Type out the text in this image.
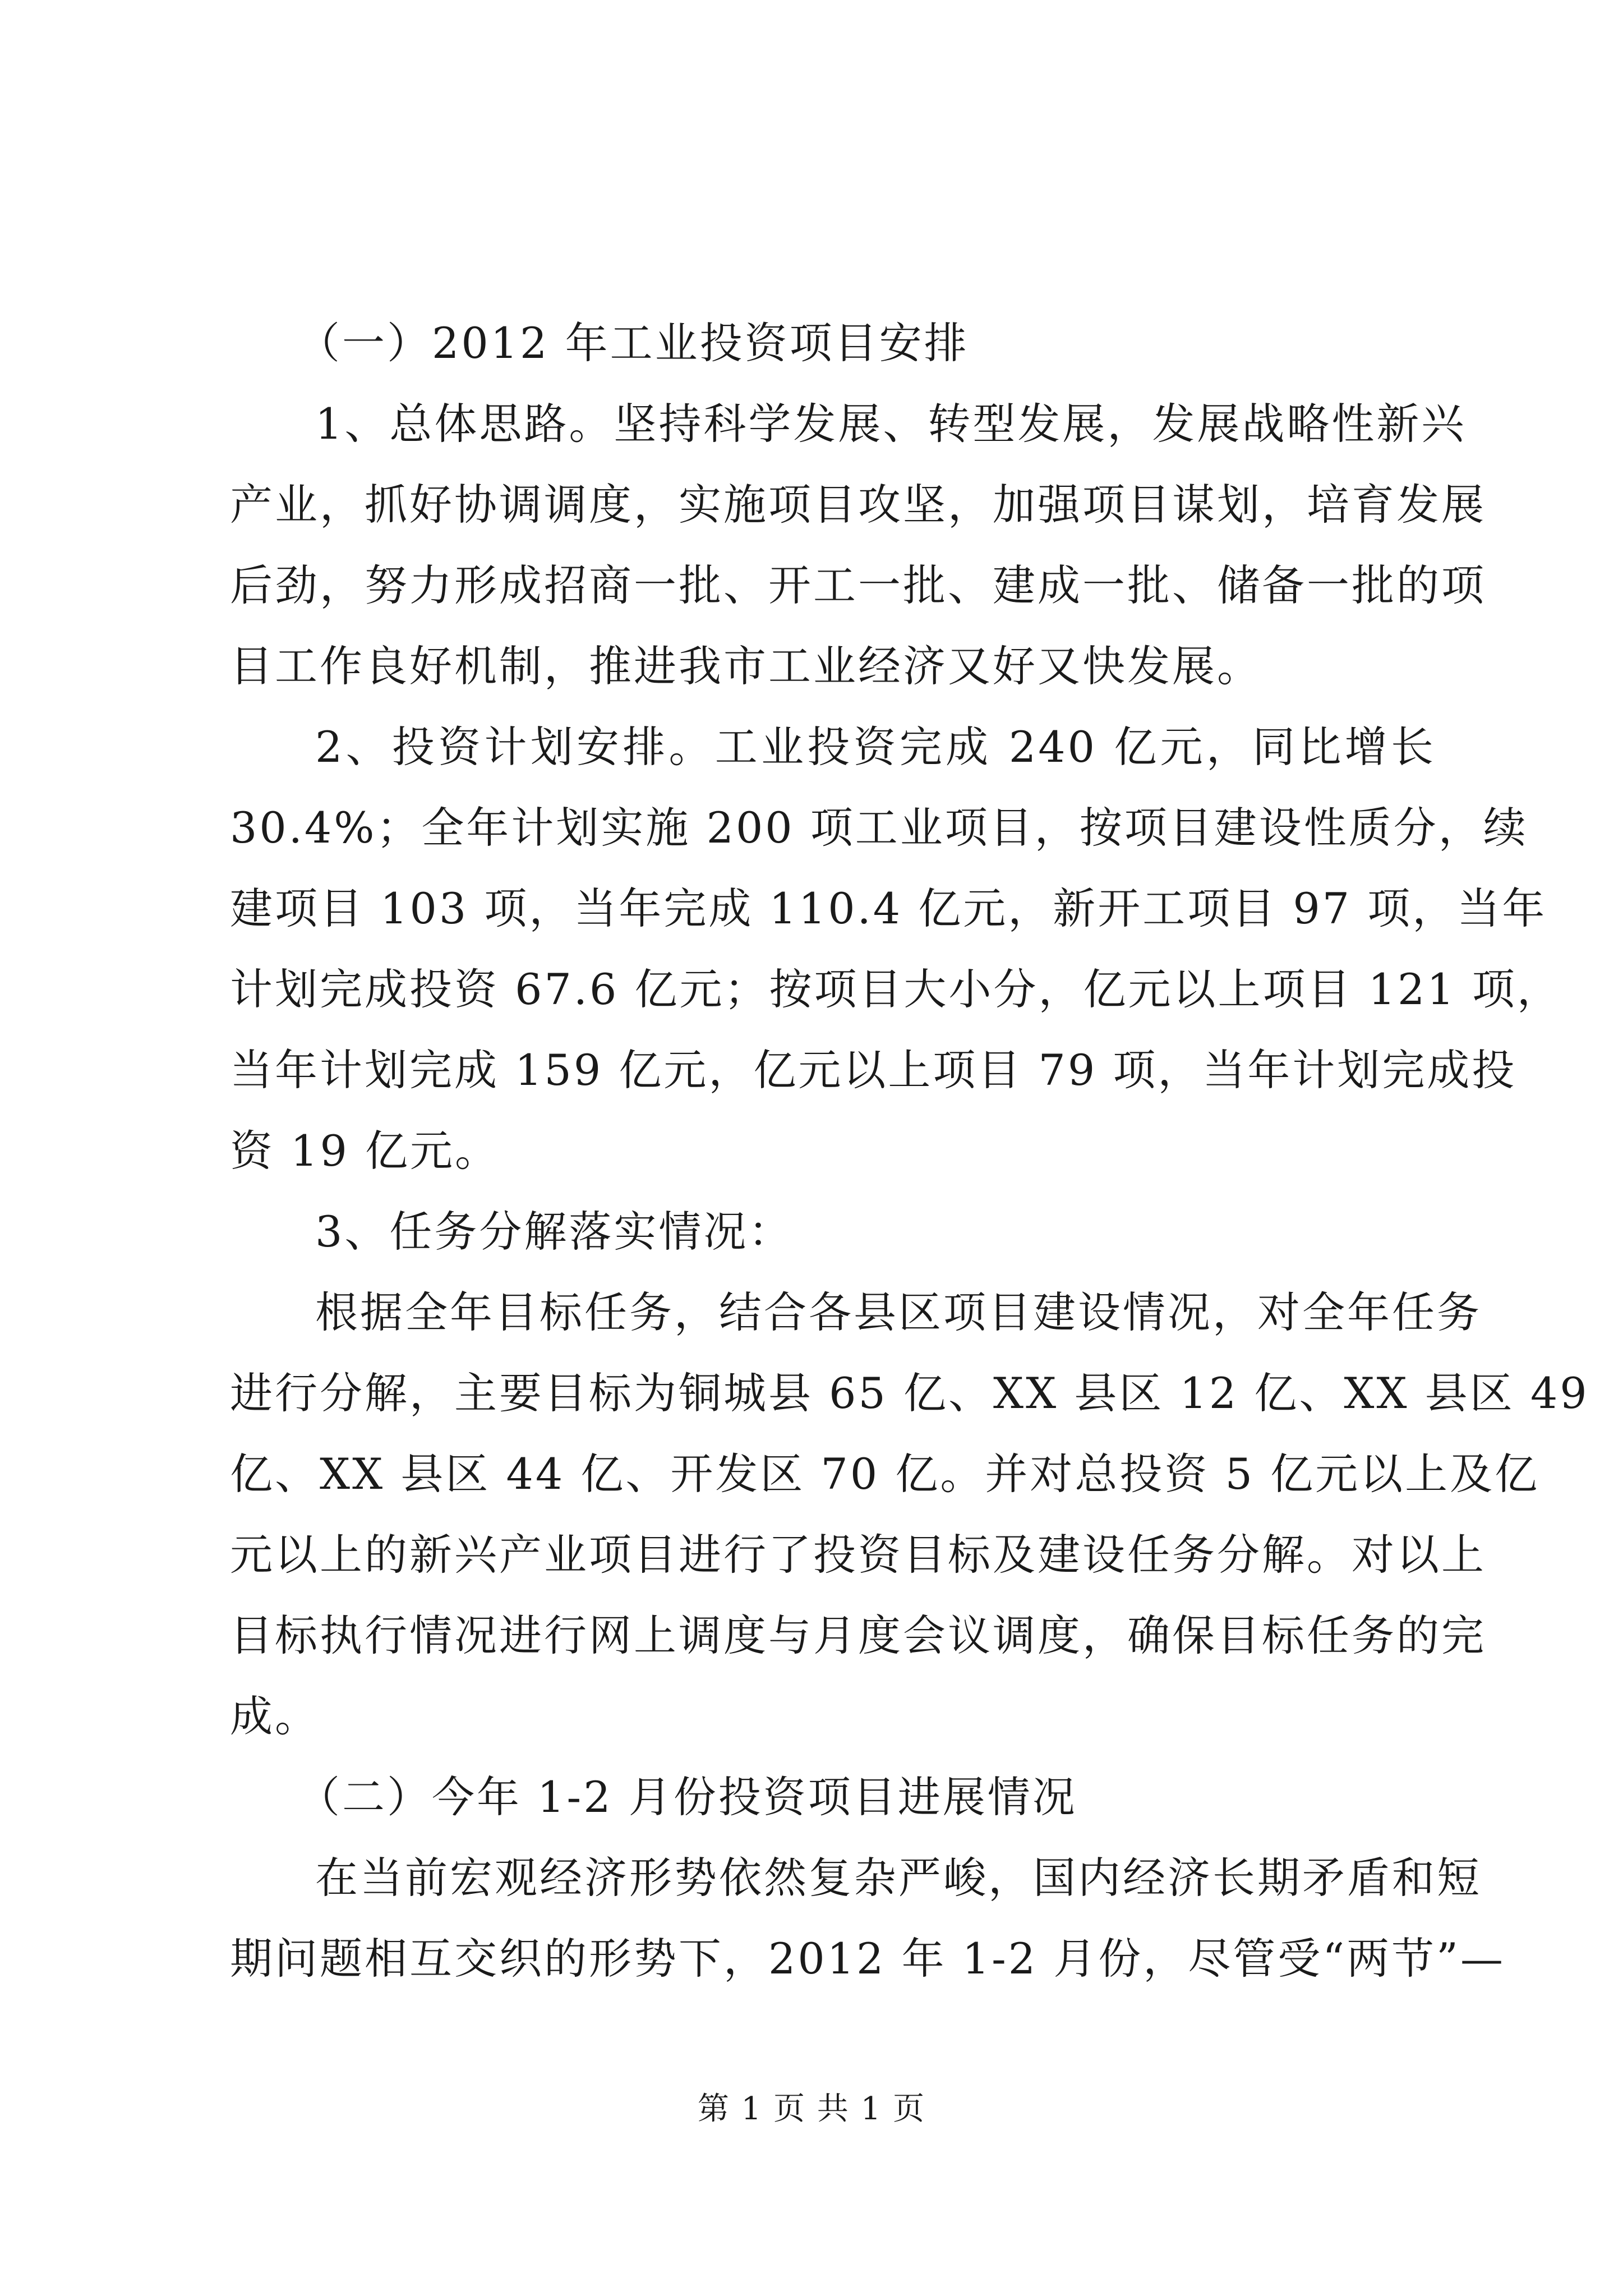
（一）2012 年工业投资项目安排
1、总体思路。坚持科学发展、转型发展，发展战略性新兴
产业，抓好协调调度，实施项目攻坚，加强项目谋划，培育发展
后劲，努力形成招商一批、开工一批、建成一批、储备一批的项
目工作良好机制，推进我市工业经济又好又快发展。
2、投资计划安排。工业投资完成 240 亿元，同比增长
30.4%；全年计划实施 200 项工业项目，按项目建设性质分，续
建项目 103 项，当年完成 110.4 亿元，新开工项目 97 项，当年
计划完成投资 67.6 亿元；按项目大小分，亿元以上项目 121 项，
当年计划完成 159 亿元，亿元以上项目 79 项，当年计划完成投
资 19 亿元。
3、任务分解落实情况：
根据全年目标任务，结合各县区项目建设情况，对全年任务
进行分解，主要目标为铜城县 65 亿、XX 县区 12 亿、XX 县区 49
亿、XX 县区 44 亿、开发区 70 亿。并对总投资 5 亿元以上及亿
元以上的新兴产业项目进行了投资目标及建设任务分解。对以上
目标执行情况进行网上调度与月度会议调度，确保目标任务的完
成。
（二）今年 1-2 月份投资项目进展情况
在当前宏观经济形势依然复杂严峻，国内经济长期矛盾和短
期问题相互交织的形势下，2012 年 1-2 月份，尽管受“两节”—
第 1 页 共 1 页
